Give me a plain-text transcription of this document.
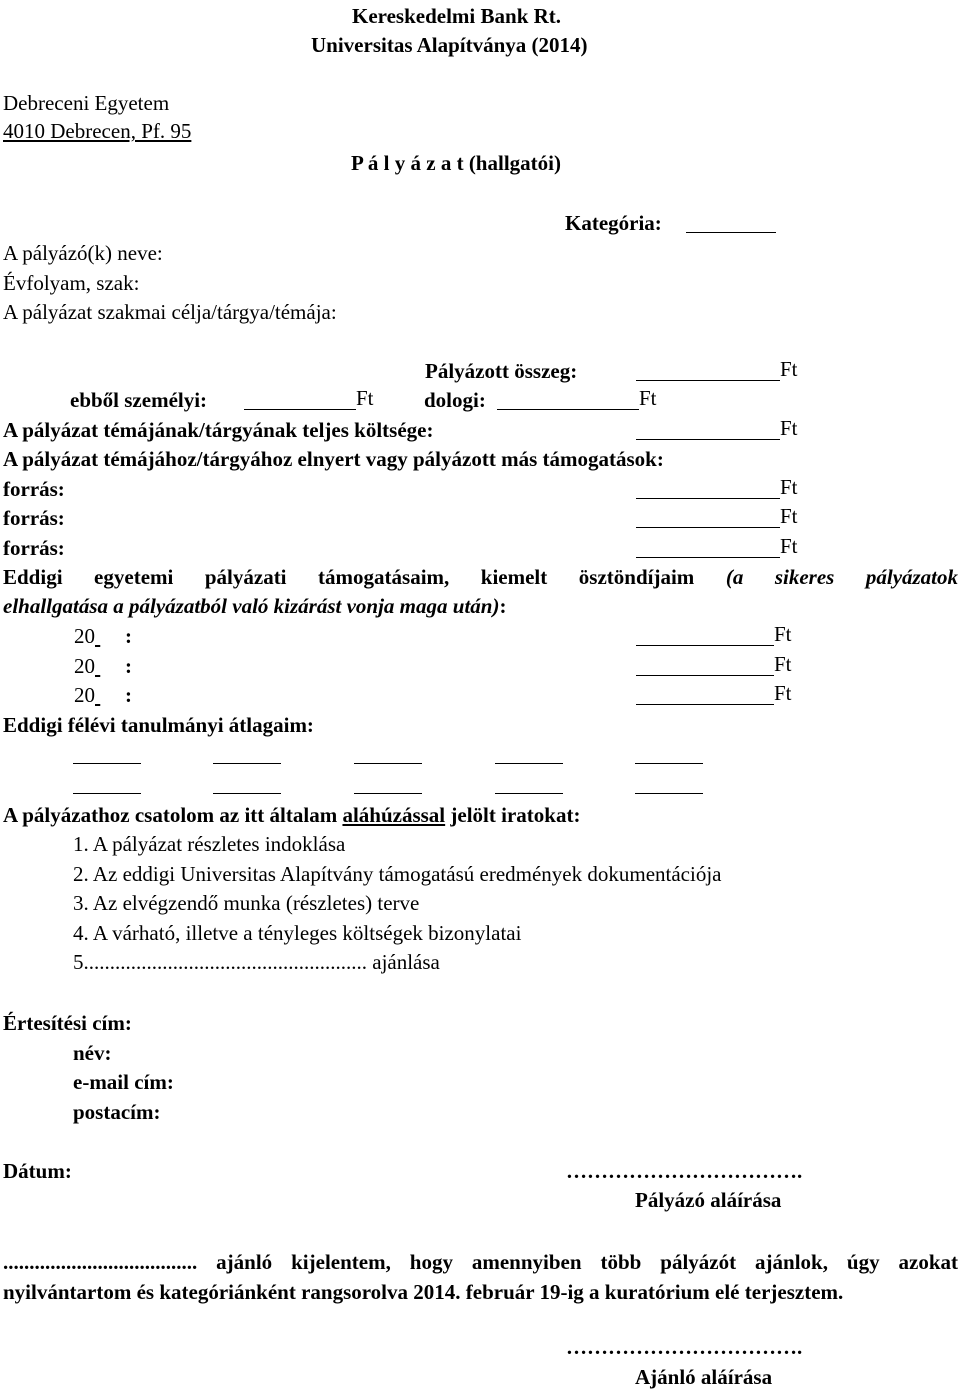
Kereskedelmi Bank Rt.
Universitas Alapítványa (2014)
Debreceni Egyetem
4010 Debrecen, Pf. 95
P á l y á z a t (hallgatói)
Kategória:
A pályázó(k) neve:
Évfolyam, szak:
A pályázat szakmai célja/tárgya/témája:
Pályázott összeg:	Ft
ebből személyi:	Ft dologi:	Ft
A pályázat témájának/tárgyának teljes költsége:	Ft
A pályázat témájához/tárgyához elnyert vagy pályázott más támogatások:
forrás:	Ft
forrás:	Ft
forrás:	Ft
Eddigi egyetemi pályázati támogatásaim, kiemelt ösztöndíjaim (a sikeres pályázatok
elhallgatása a pályázatból való kizárást vonja maga után):
20 :	Ft
20 :	Ft
20 :	Ft
Eddigi félévi tanulmányi átlagaim:
A pályázathoz csatolom az itt általam aláhúzással jelölt iratokat:
1. A pályázat részletes indoklása
2. Az eddigi Universitas Alapítvány támogatású eredmények dokumentációja
3. Az elvégzendő munka (részletes) terve
4. A várható, illetve a tényleges költségek bizonylatai
5...................................................... ajánlása
Értesítési cím:
név:
e-mail cím:
postacím:
Dátum:	…………………………….
Pályázó aláírása
..................................... ajánló kijelentem, hogy amennyiben több pályázót ajánlok, úgy azokat nyilvántartom és kategóriánként rangsorolva 2014. február 19-ig a kuratórium elé terjesztem.
…………………………….
Ajánló aláírása
